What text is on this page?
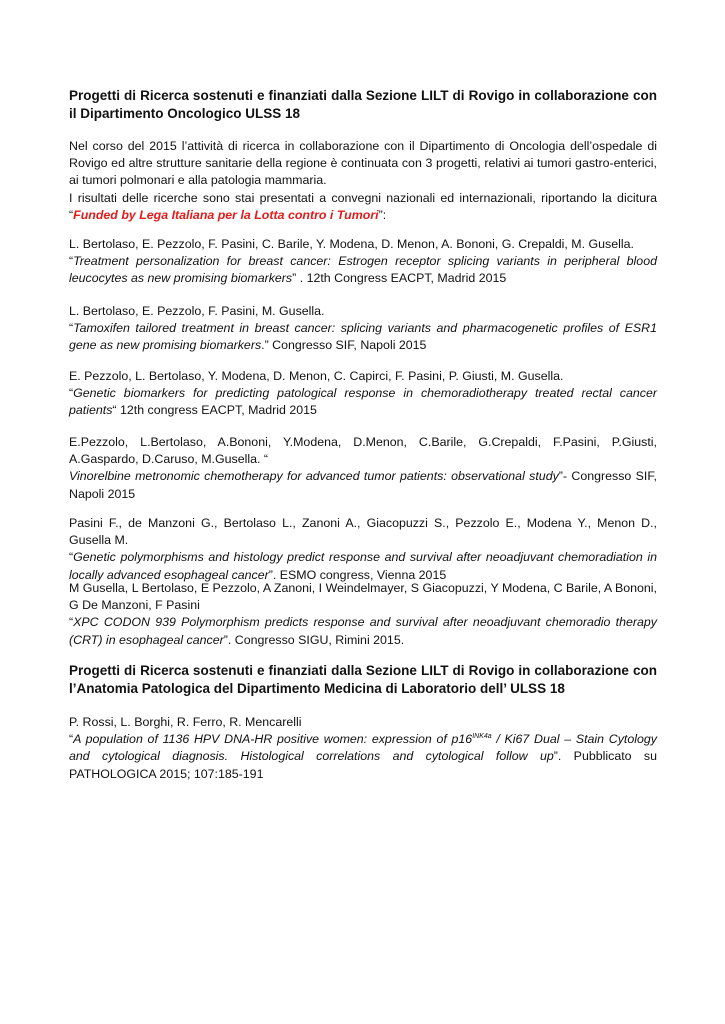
Progetti di Ricerca sostenuti e finanziati dalla Sezione LILT di Rovigo in collaborazione con il Dipartimento Oncologico ULSS 18
Nel corso del 2015 l’attività di ricerca in collaborazione con il Dipartimento di Oncologia dell’ospedale di Rovigo ed altre strutture sanitarie della regione è continuata con 3 progetti, relativi ai tumori gastro-enterici, ai tumori polmonari e alla patologia mammaria.
I risultati delle ricerche sono stai presentati a convegni nazionali ed internazionali, riportando la dicitura “Funded by Lega Italiana per la Lotta contro i Tumori”:
L. Bertolaso, E. Pezzolo, F. Pasini, C. Barile, Y. Modena, D. Menon, A. Bononi, G. Crepaldi, M. Gusella.
“Treatment personalization for breast cancer: Estrogen receptor splicing variants in peripheral blood leucocytes as new promising biomarkers” . 12th Congress EACPT, Madrid 2015
L. Bertolaso, E. Pezzolo, F. Pasini, M. Gusella.
“Tamoxifen tailored treatment in breast cancer: splicing variants and pharmacogenetic profiles of ESR1 gene as new promising biomarkers.” Congresso SIF, Napoli 2015
E. Pezzolo, L. Bertolaso, Y. Modena, D. Menon, C. Capirci, F. Pasini, P. Giusti, M. Gusella.
“Genetic biomarkers for predicting patological response in chemoradiotherapy treated rectal cancer patients“ 12th congress EACPT, Madrid 2015
E.Pezzolo, L.Bertolaso, A.Bononi, Y.Modena, D.Menon, C.Barile, G.Crepaldi, F.Pasini, P.Giusti, A.Gaspardo, D.Caruso, M.Gusella. “
Vinorelbine metronomic chemotherapy for advanced tumor patients: observational study”- Congresso SIF, Napoli 2015
Pasini F., de Manzoni G., Bertolaso L., Zanoni A., Giacopuzzi S., Pezzolo E., Modena Y., Menon D., Gusella M.
“Genetic polymorphisms and histology predict response and survival after neoadjuvant chemoradiation in locally advanced esophageal cancer”. ESMO congress, Vienna 2015
M Gusella, L Bertolaso, E Pezzolo, A Zanoni, I Weindelmayer, S Giacopuzzi, Y Modena, C Barile, A Bononi, G De Manzoni, F Pasini
“XPC CODON 939 Polymorphism predicts response and survival after neoadjuvant chemoradio therapy (CRT) in esophageal cancer”. Congresso SIGU, Rimini 2015.
Progetti di Ricerca sostenuti e finanziati dalla Sezione LILT di Rovigo in collaborazione con l’Anatomia Patologica del Dipartimento Medicina di Laboratorio dell’ ULSS 18
P. Rossi, L. Borghi, R. Ferro, R. Mencarelli
“A population of 1136 HPV DNA-HR positive women: expression of $p16^{INK4a} / Ki67$ Dual – Stain Cytology and cytological diagnosis. Histological correlations and cytological follow up”. Pubblicato su PATHOLOGICA 2015; 107:185-191
